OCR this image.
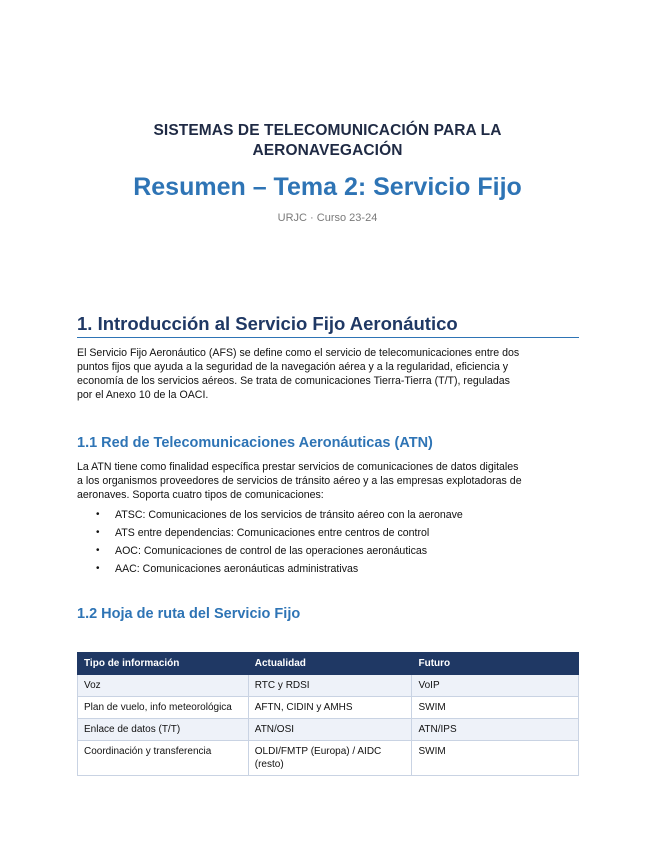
SISTEMAS DE TELECOMUNICACIÓN PARA LA
AERONAVEGACIÓN
Resumen – Tema 2: Servicio Fijo
URJC · Curso 23-24
1. Introducción al Servicio Fijo Aeronáutico
El Servicio Fijo Aeronáutico (AFS) se define como el servicio de telecomunicaciones entre dos
puntos fijos que ayuda a la seguridad de la navegación aérea y a la regularidad, eficiencia y
economía de los servicios aéreos. Se trata de comunicaciones Tierra-Tierra (T/T), reguladas
por el Anexo 10 de la OACI.
1.1 Red de Telecomunicaciones Aeronáuticas (ATN)
La ATN tiene como finalidad específica prestar servicios de comunicaciones de datos digitales
a los organismos proveedores de servicios de tránsito aéreo y a las empresas explotadoras de
aeronaves. Soporta cuatro tipos de comunicaciones:
• ATSC: Comunicaciones de los servicios de tránsito aéreo con la aeronave
• ATS entre dependencias: Comunicaciones entre centros de control
• AOC: Comunicaciones de control de las operaciones aeronáuticas
• AAC: Comunicaciones aeronáuticas administrativas
1.2 Hoja de ruta del Servicio Fijo
Tipo de información	Actualidad	Futuro
Voz	RTC y RDSI	VoIP
Plan de vuelo, info meteorológica	AFTN, CIDIN y AMHS	SWIM
Enlace de datos (T/T)	ATN/OSI	ATN/IPS
Coordinación y transferencia	OLDI/FMTP (Europa) / AIDC (resto)	SWIM
